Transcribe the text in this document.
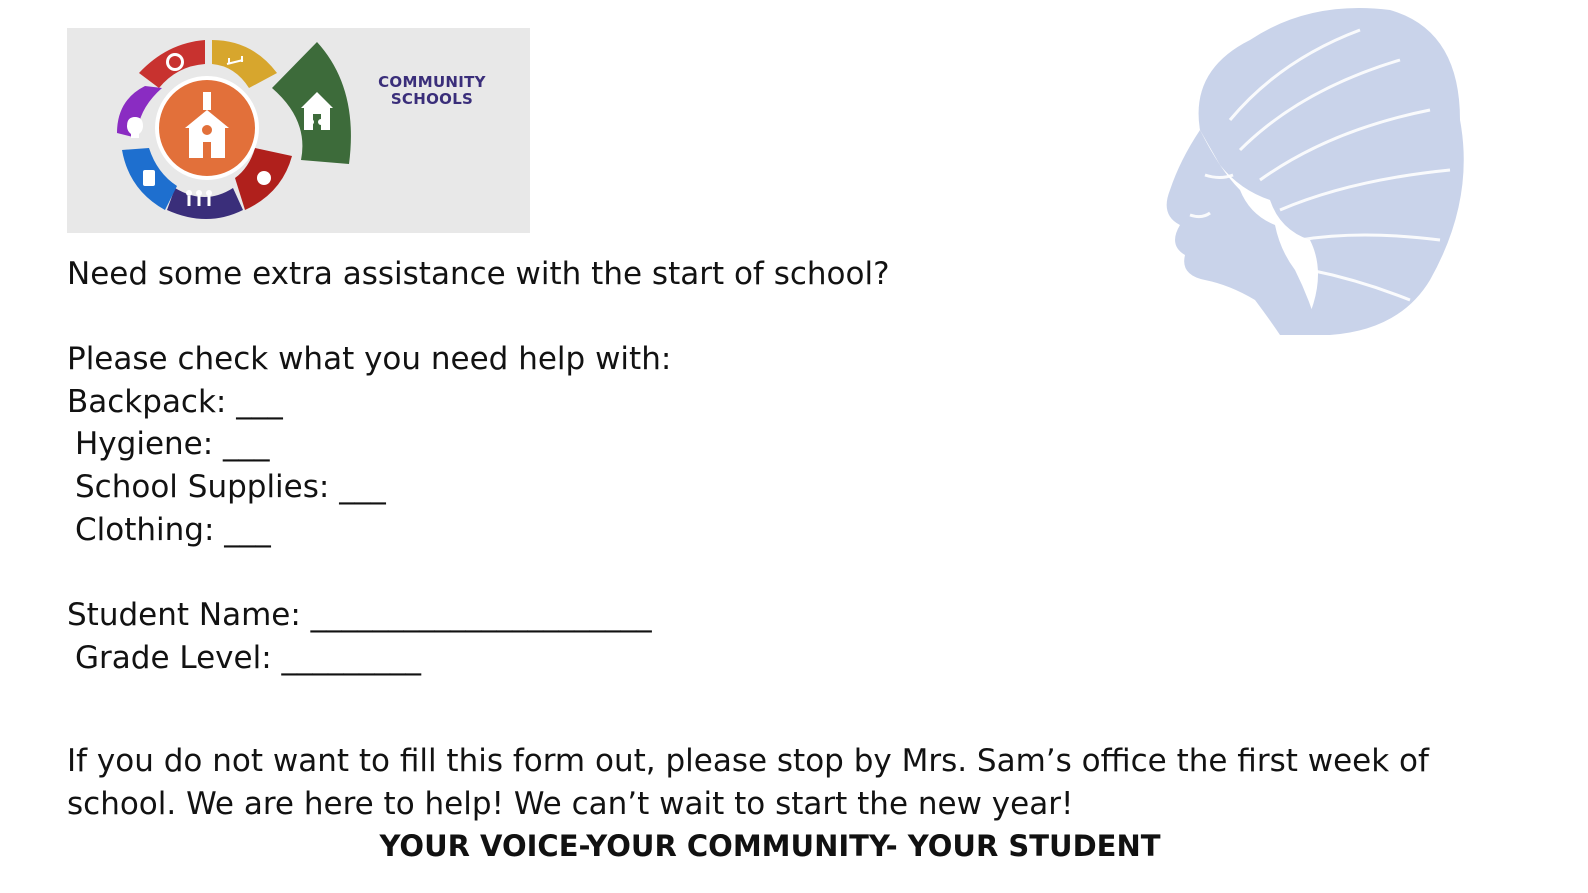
COMMUNITY
SCHOOLS
Need some extra assistance with the start of school?
Please check what you need help with:
Backpack: ___
Hygiene: ___
School Supplies: ___
Clothing: ___
Student Name: ______________________
Grade Level: _________
If you do not want to fill this form out, please stop by Mrs. Sam’s office the first week of school. We are here to help! We can’t wait to start the new year!
YOUR VOICE-YOUR COMMUNITY- YOUR STUDENT
